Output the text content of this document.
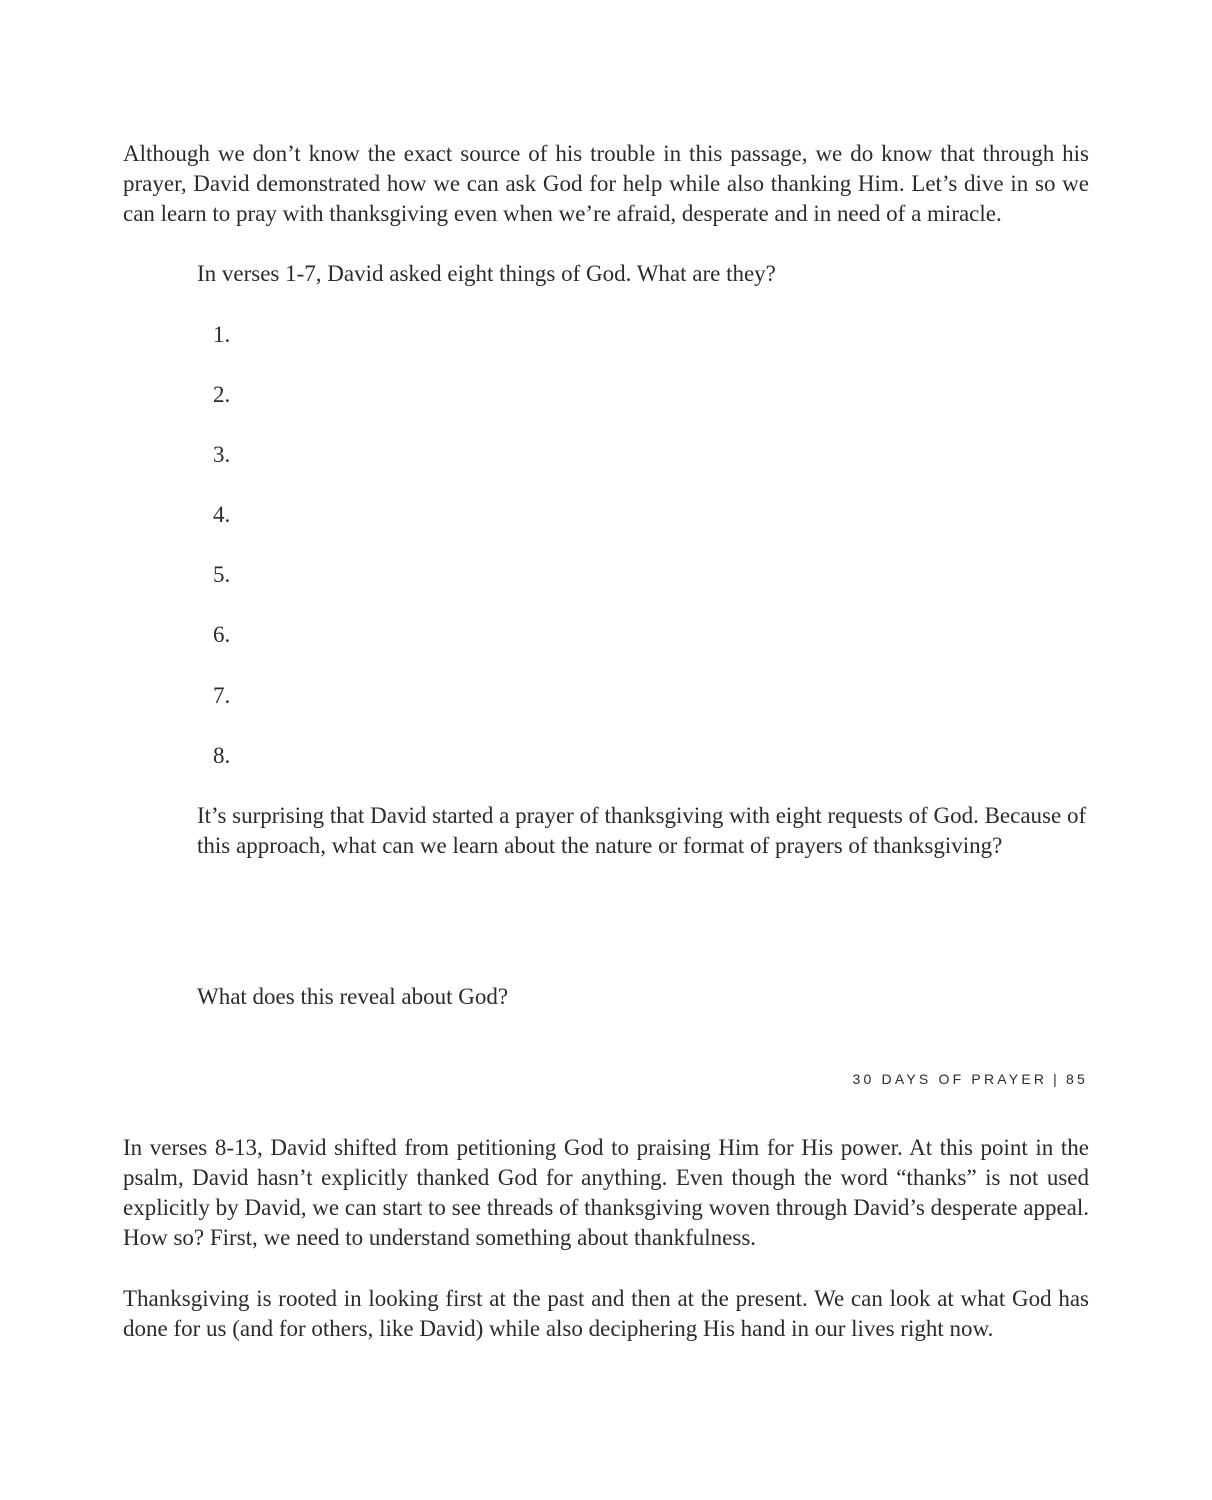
Although we don’t know the exact source of his trouble in this passage, we do know that through his prayer, David demonstrated how we can ask God for help while also thanking Him. Let’s dive in so we can learn to pray with thanksgiving even when we’re afraid, desperate and in need of a miracle.

In verses 1-7, David asked eight things of God. What are they?

1.
2.
3.
4.
5.
6.
7.
8.

It’s surprising that David started a prayer of thanksgiving with eight requests of God. Because of this approach, what can we learn about the nature or format of prayers of thanksgiving?

What does this reveal about God?

In verses 8-13, David shifted from petitioning God to praising Him for His power. At this point in the psalm, David hasn’t explicitly thanked God for anything. Even though the word “thanks” is not used explicitly by David, we can start to see threads of thanksgiving woven through David’s desperate appeal. How so? First, we need to understand something about thankfulness.

Thanksgiving is rooted in looking first at the past and then at the present. We can look at what God has done for us (and for others, like David) while also deciphering His hand in our lives right now.

30 DAYS OF PRAYER | 85
